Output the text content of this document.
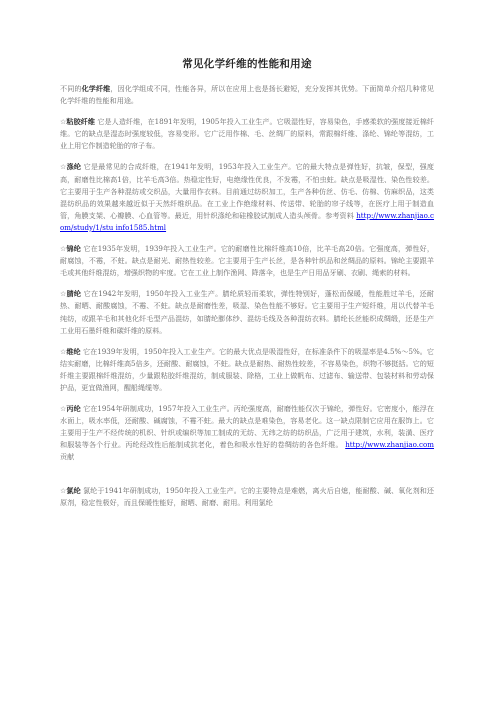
常见化学纤维的性能和用途

不同的化学纤维，因化学组成不同，性能各异，所以在应用上也是扬长避短，充分发挥其优势。下面简单介绍几种常见化学纤维的性能和用途。

☆粘胶纤维 它是人造纤维，在1891年发明，1905年投入工业生产。它吸湿性好，容易染色，手感柔软的强度接近棉纤维。它的缺点是湿态时强度较低，容易变形。它广泛用作棉、毛、丝绸厂的原料，常跟棉纤维、涤纶、锦纶等混纺，工业上用它作制造轮胎的帘子布。

☆涤纶 它是最常见的合成纤维，在1941年发明，1953年投入工业生产。它的最大特点是弹性好，抗皱，保型，强度高，耐磨性比棉高1倍，比羊毛高3倍。热稳定性好，电绝缘性优良，不发霉，不怕虫蛀。缺点是吸湿性、染色性较差。它主要用于生产各种混纺或交织品，大量用作衣料。目前通过纺织加工，生产各种仿丝、仿毛、仿棉、仿麻织品，这类混纺织品的效果越来越近似于天然纤维织品。在工业上作绝缘材料、传送带、轮胎的帘子线等，在医疗上用于制造血管，角膜支架、心瓣膜、心血管等。最近，用针织涤纶和硅橡胶试制成人造头颅骨。参考资料 http://www.zhanjiao.com/study/1/stu info1585.html

☆锦纶 它在1935年发明，1939年投入工业生产。它的耐磨性比棉纤维高10倍，比羊毛高20倍。它强度高，弹性好，耐腐蚀，不霉，不蛀。缺点是耐光、耐热性较差。它主要用于生产长丝，是各种针织品和丝绸品的原料。锦纶主要跟羊毛或其他纤维混纺，增强织物的牢度。它在工业上制作渔网、降落伞，也是生产日用品牙刷、衣刷、绳索的材料。

☆腈纶 它在1942年发明，1950年投入工业生产。腈纶质轻而柔软，弹性特别好，蓬松而保暖，性能胜过羊毛，还耐热、耐晒、耐酸腐蚀，不霉、不蛀。缺点是耐磨性差，吸湿、染色性能不够好。它主要用于生产短纤维，用以代替羊毛纯纺，或跟羊毛和其他化纤毛型产品混纺，如腈纶膨体纱、混纺毛线及各种混纺衣料。腈纶长丝能织成绸缎，还是生产工业用石墨纤维和碳纤维的原料。

☆维纶 它在1939年发明，1950年投入工业生产。它的最大优点是吸湿性好，在标准条件下的吸湿率是4.5%～5%。它结实耐磨，比棉纤维高5倍多，还耐酸、耐腐蚀，不蛀。缺点是耐热、耐热性较差，不容易染色，织物不够挺括。它的短纤维主要跟棉纤维混纺，少量跟粘胶纤维混纺，制成服装、除格，工业上做帆布、过滤布、输送带、包装材料和劳动保护品，更宜做渔网，醒船绳缆等。

☆丙纶 它在1954年研制成功，1957年投入工业生产。丙纶强度高，耐磨性能仅次于锦纶，弹性好。它密度小，能浮在水面上，吸水率低，还耐酸、碱腐蚀，不霉不蛀。最大的缺点是难染色，容易老化。这一缺点限制它应用在服饰上。它主要用于生产不经传统的机织、针织或编织等加工制成的无纺、无纬之纺的纺织品，广泛用于建筑，水利，装潢、医疗和服装等各个行业。丙纶经改性后能制成抗老化，着色和吸水性好的卷绸纺的各色纤维。 http://www.zhanjiao.com贡献

☆氯纶 氯纶于1941年研制成功，1950年投入工业生产。它的主要特点是难燃，离火后自熄，能耐酸、碱、氧化剂和还原剂，稳定性极好，而且保暖性能好，耐晒、耐磨、耐用。利用氯纶
